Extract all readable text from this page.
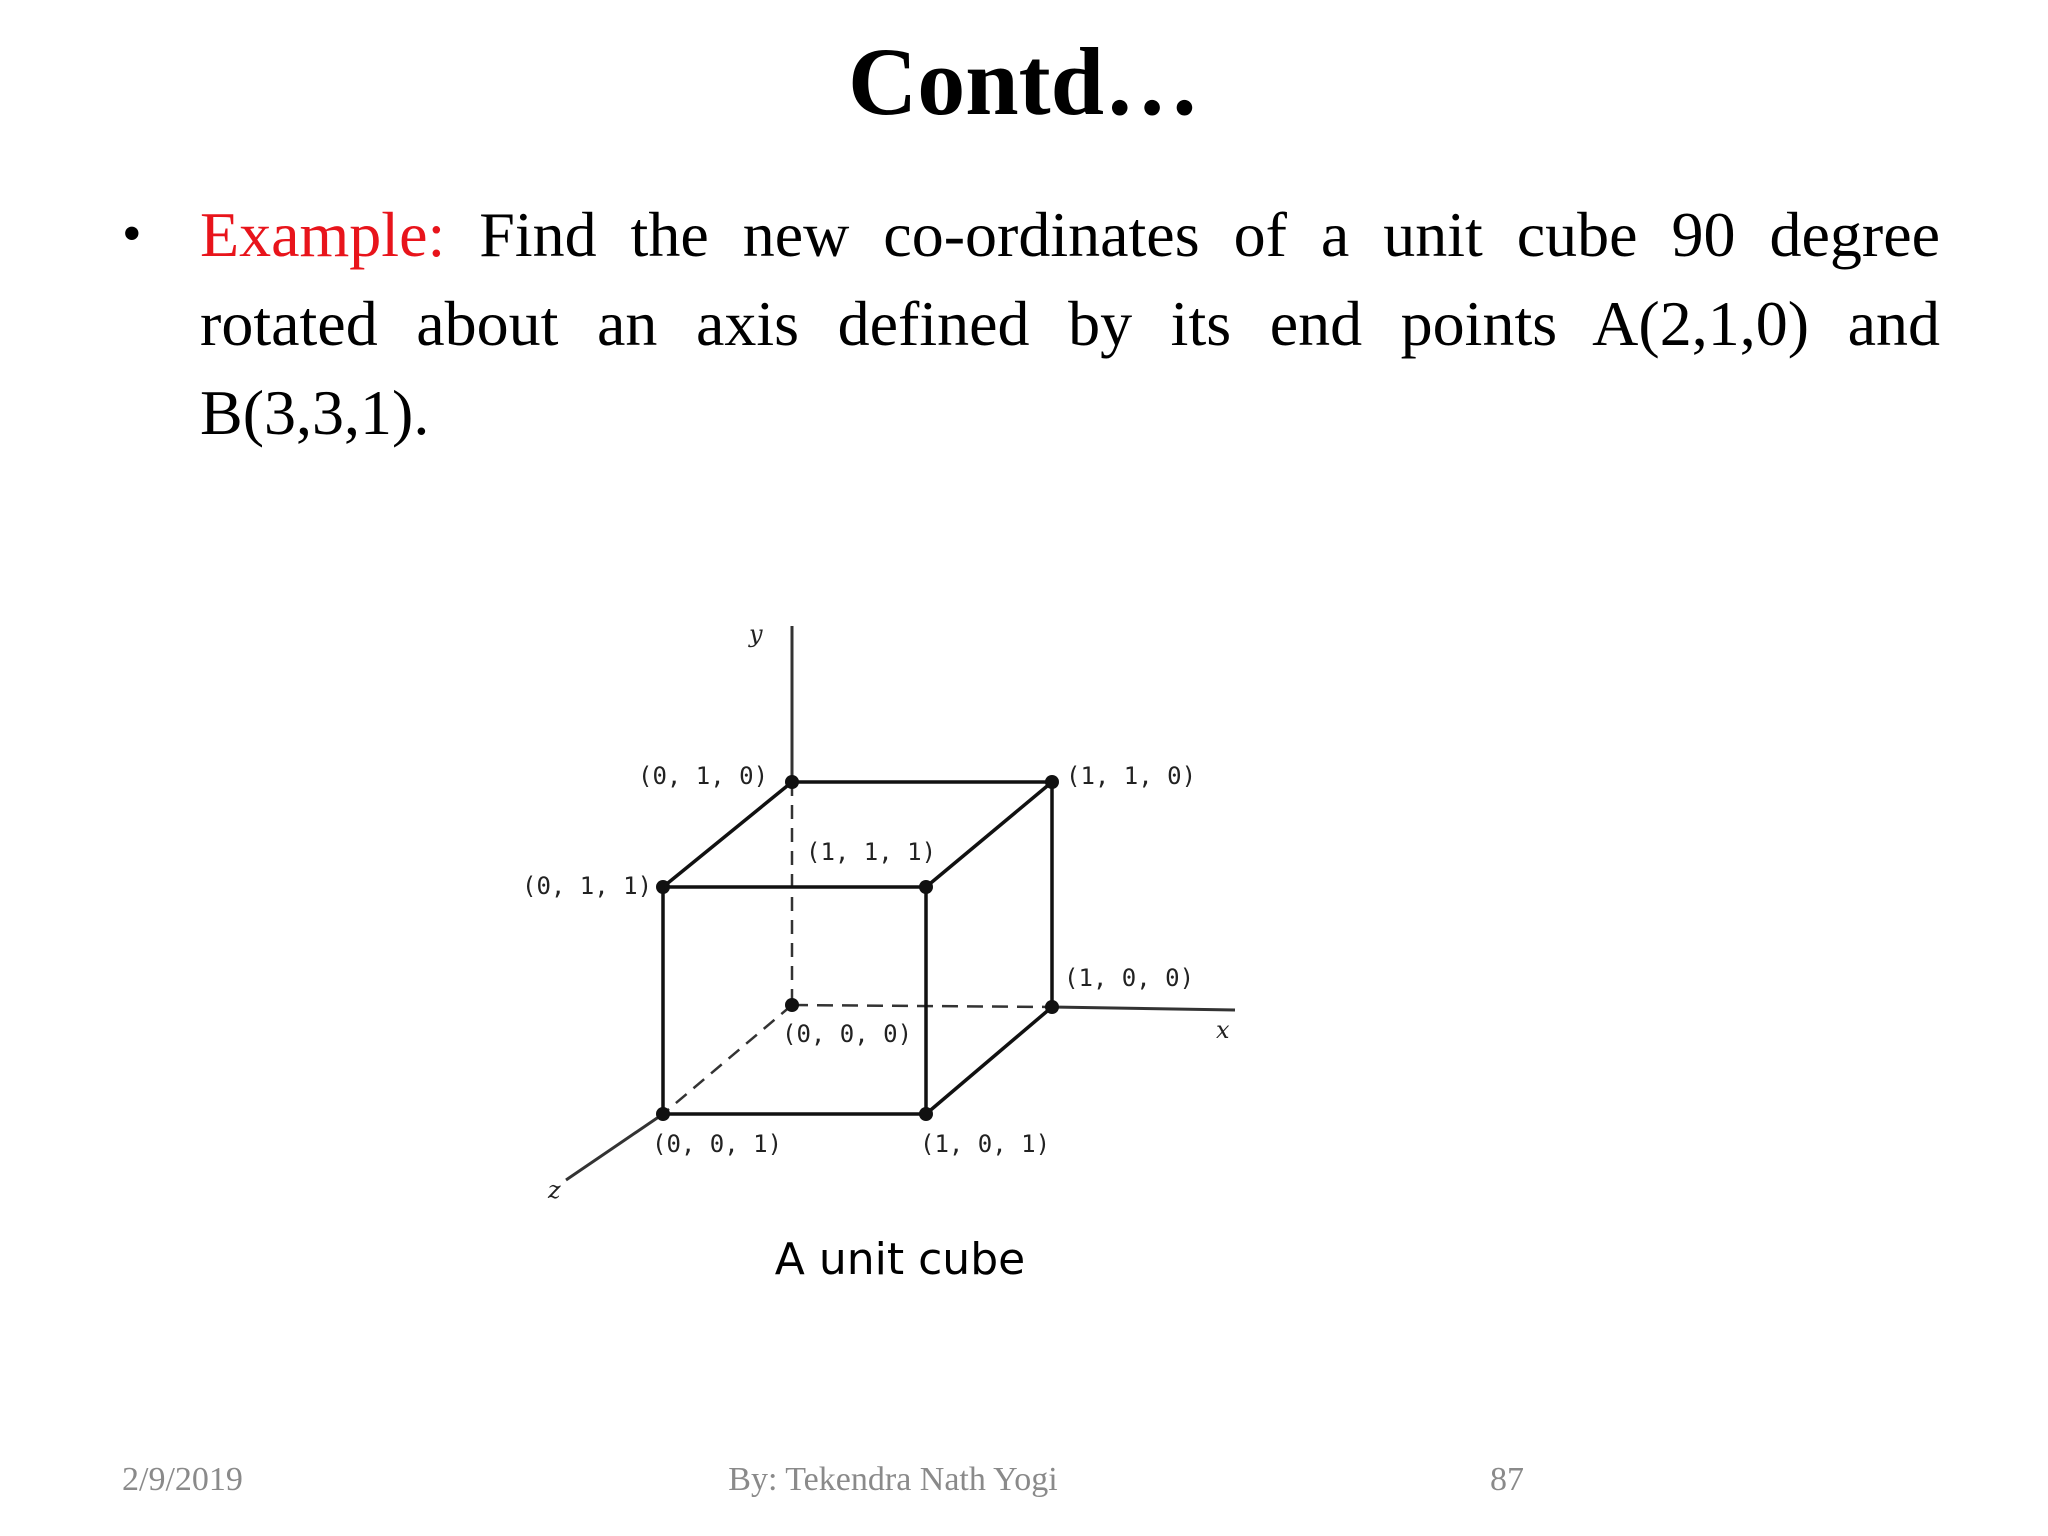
Contd…
• Example: Find the new co-ordinates of a unit cube 90 degree
rotated about an axis defined by its end points A(2,1,0) and
B(3,3,1).
y
x
z
(0, 1, 0)	(1, 1, 0)
(1, 1, 1)
(0, 1, 1)
(1, 0, 0)
(0, 0, 0)
(0, 0, 1)	(1, 0, 1)
A unit cube
2/9/2019	By: Tekendra Nath Yogi	87
